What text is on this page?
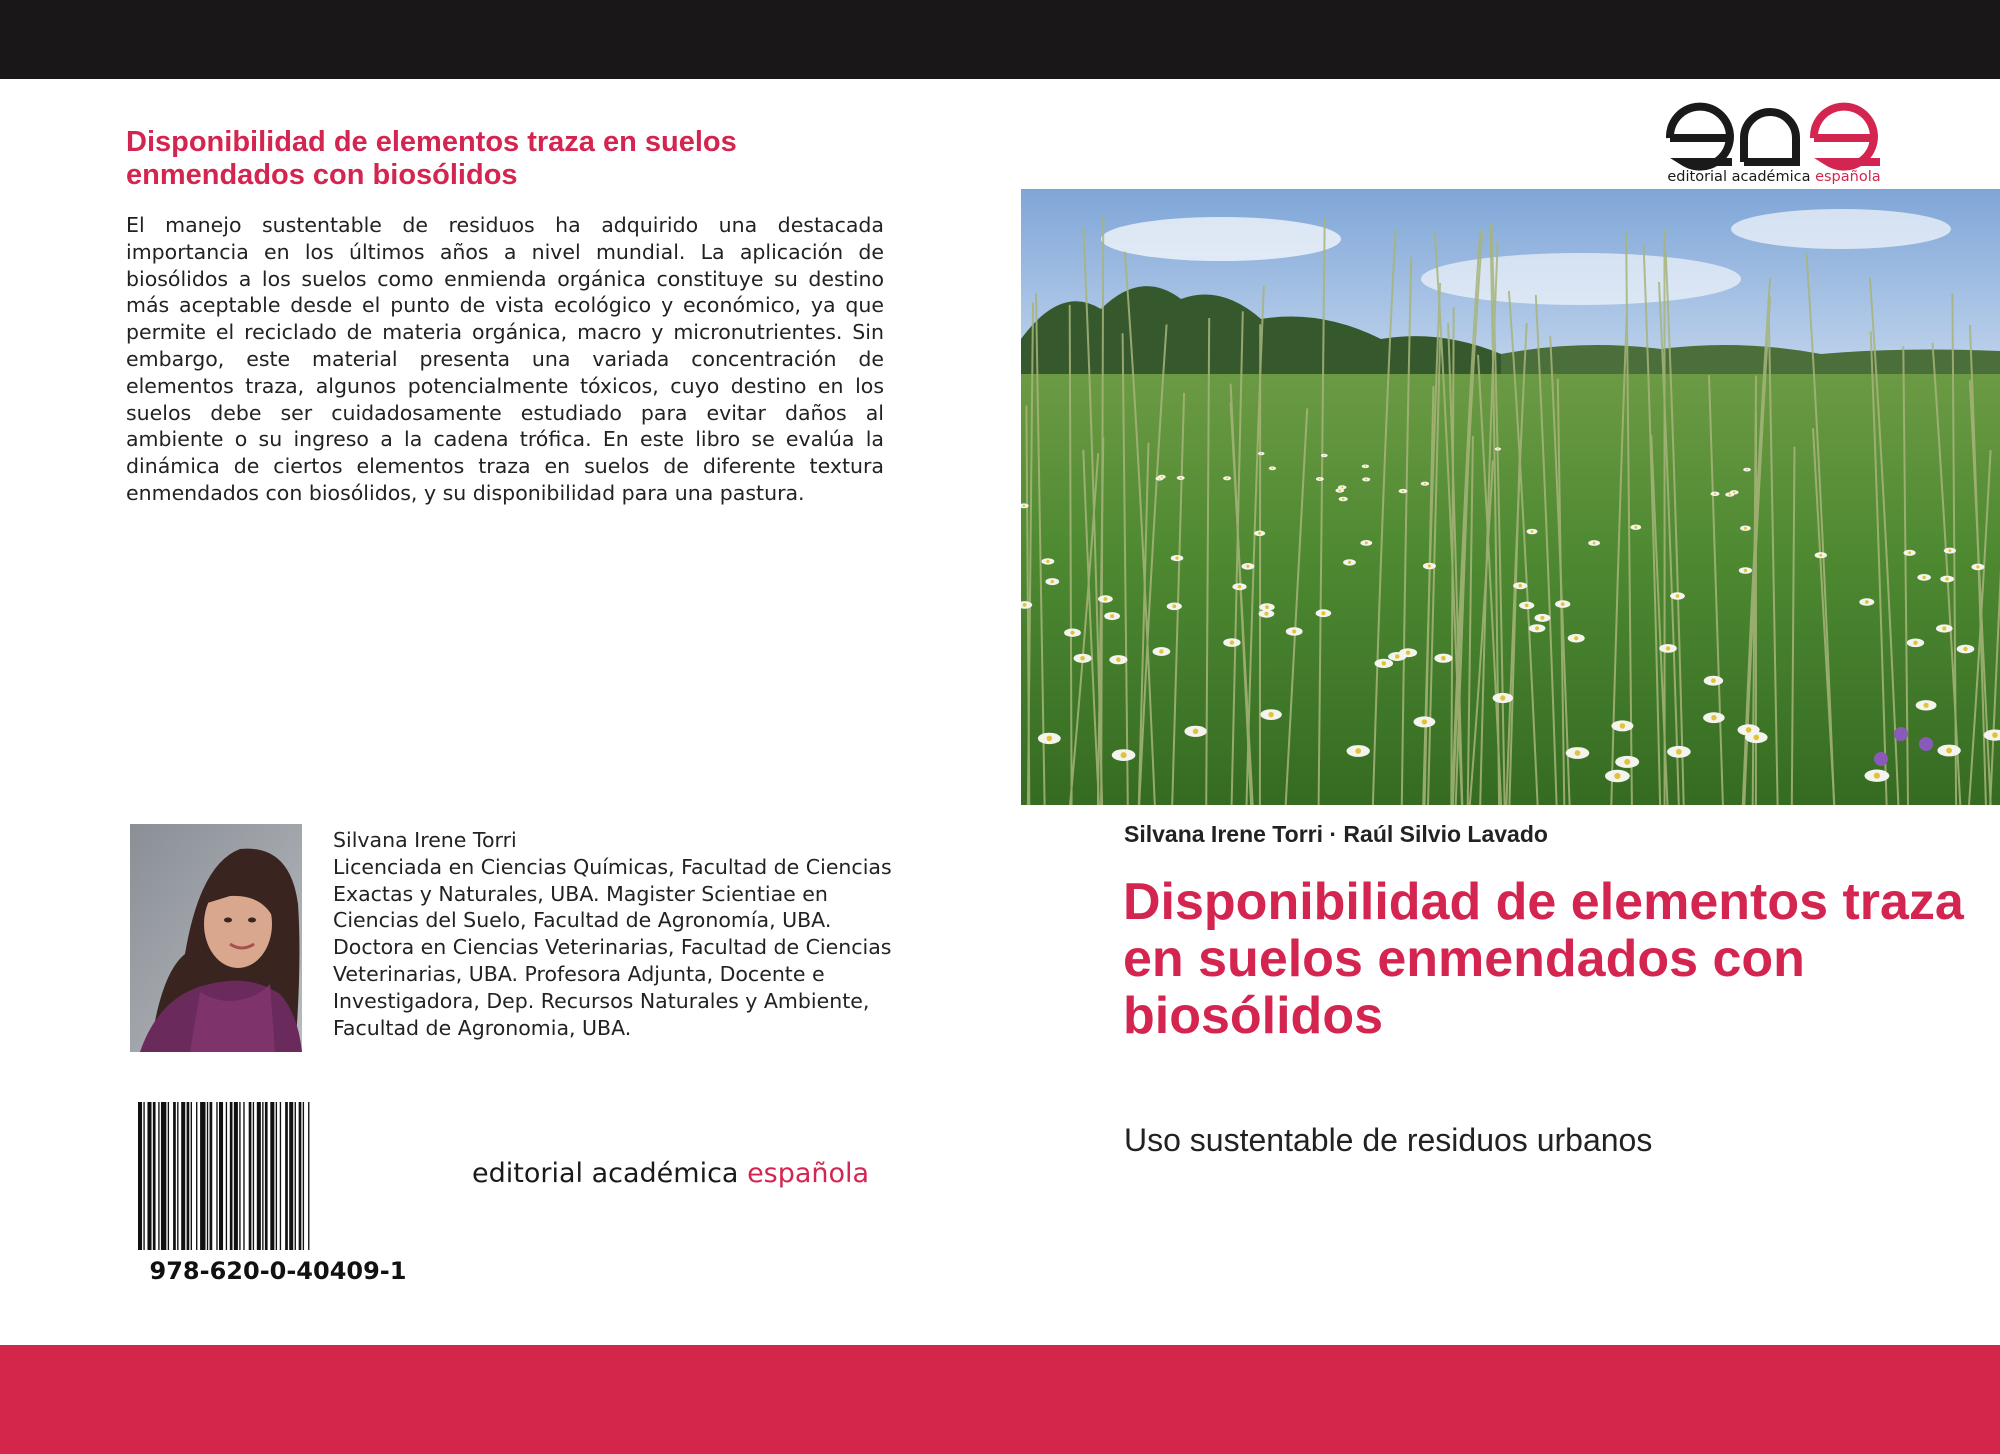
Disponibilidad de elementos traza en suelos enmendados con biosólidos

El manejo sustentable de residuos ha adquirido una destacada importancia en los últimos años a nivel mundial. La aplicación de biosólidos a los suelos como enmienda orgánica constituye su destino más aceptable desde el punto de vista ecológico y económico, ya que permite el reciclado de materia orgánica, macro y micronutrientes. Sin embargo, este material presenta una variada concentración de elementos traza, algunos potencialmente tóxicos, cuyo destino en los suelos debe ser cuidadosamente estudiado para evitar daños al ambiente o su ingreso a la cadena trófica. En este libro se evalúa la dinámica de ciertos elementos traza en suelos de diferente textura enmendados con biosólidos, y su disponibilidad para una pastura.

Silvana Irene Torri

Licenciada en Ciencias Químicas, Facultad de Ciencias Exactas y Naturales, UBA. Magister Scientiae en Ciencias del Suelo, Facultad de Agronomía, UBA. Doctora en Ciencias Veterinarias, Facultad de Ciencias Veterinarias, UBA. Profesora Adjunta, Docente e Investigadora, Dep. Recursos Naturales y Ambiente, Facultad de Agronomia, UBA.

978-620-0-40409-1
editorial académica española
editorial académica española
Silvana Irene Torri · Raúl Silvio Lavado
Disponibilidad de elementos traza en suelos enmendados con biosólidos
Uso sustentable de residuos urbanos
